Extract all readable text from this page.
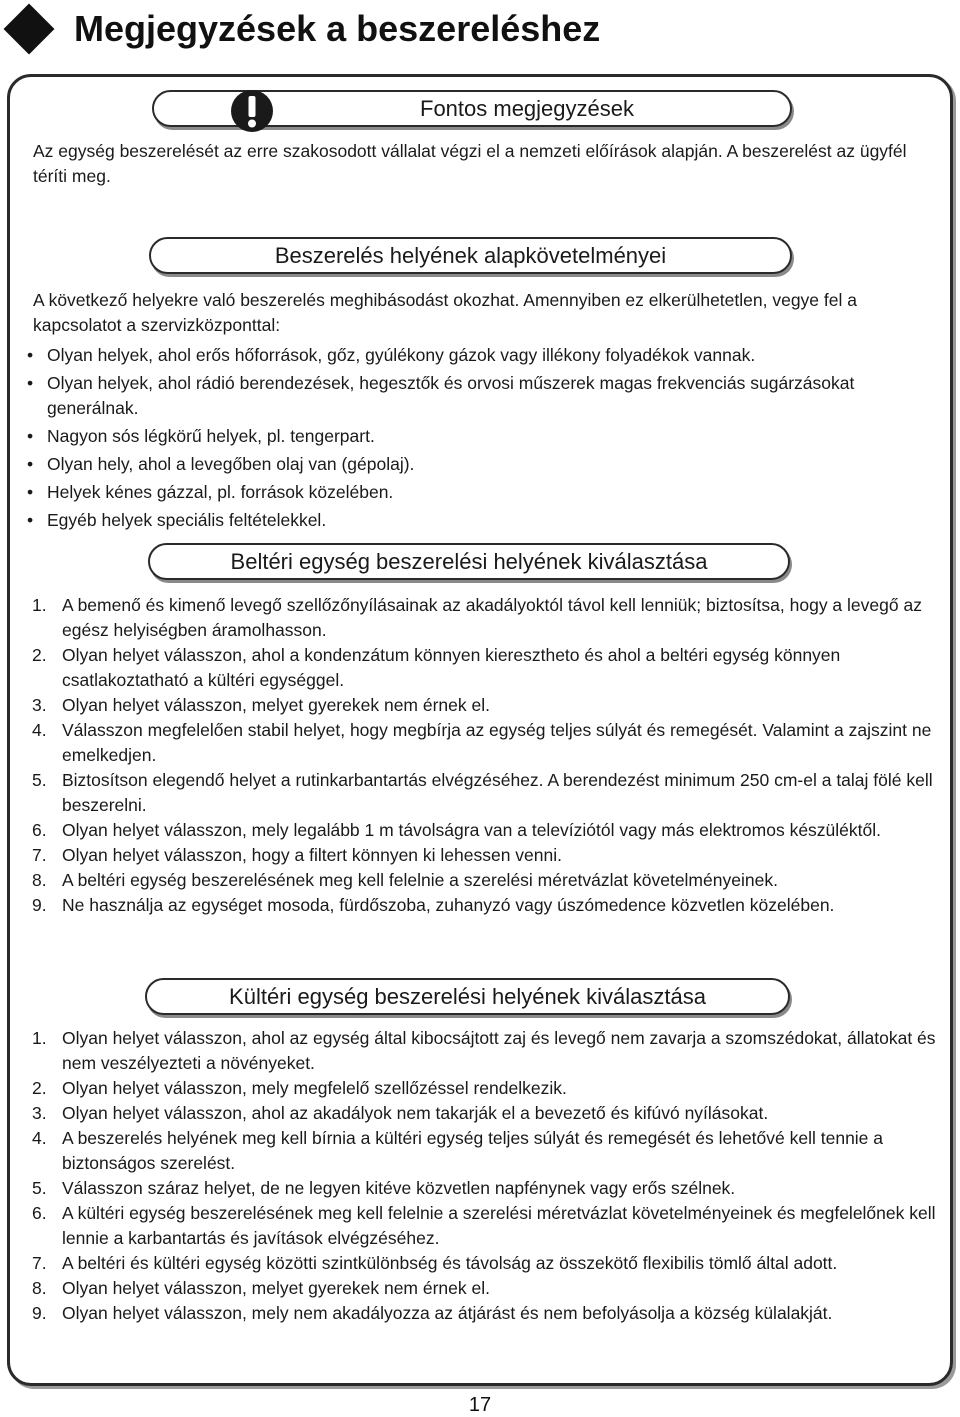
Megjegyzések a beszereléshez
Fontos megjegyzések

Az egység beszerelését az erre szakosodott vállalat végzi el a nemzeti előírások alapján. A beszerelést az ügyfél téríti meg.

Beszerelés helyének alapkövetelményei

A következő helyekre való beszerelés meghibásodást okozhat. Amennyiben ez elkerülhetetlen, vegye fel a kapcsolatot a szervizközponttal:

• Olyan helyek, ahol erős hőforrások, gőz, gyúlékony gázok vagy illékony folyadékok vannak.
• Olyan helyek, ahol rádió berendezések, hegesztők és orvosi műszerek magas frekvenciás sugárzásokat generálnak.
• Nagyon sós légkörű helyek, pl. tengerpart.
• Olyan hely, ahol a levegőben olaj van (gépolaj).
• Helyek kénes gázzal, pl. források közelében.
• Egyéb helyek speciális feltételekkel.
Beltéri egység beszerelési helyének kiválasztása
1. A bemenő és kimenő levegő szellőzőnyílásainak az akadályoktól távol kell lenniük; biztosítsa, hogy a levegő az egész helyiségben áramolhasson.
2. Olyan helyet válasszon, ahol a kondenzátum könnyen kieresztheto és ahol a beltéri egység könnyen csatlakoztatható a kültéri egységgel.
3. Olyan helyet válasszon, melyet gyerekek nem érnek el.
4. Válasszon megfelelően stabil helyet, hogy megbírja az egység teljes súlyát és remegését. Valamint a zajszint ne emelkedjen.
5. Biztosítson elegendő helyet a rutinkarbantartás elvégzéséhez. A berendezést minimum 250 cm-el a talaj fölé kell beszerelni.
6. Olyan helyet válasszon, mely legalább 1 m távolságra van a televíziótól vagy más elektromos készüléktől.
7. Olyan helyet válasszon, hogy a filtert könnyen ki lehessen venni.
8. A beltéri egység beszerelésének meg kell felelnie a szerelési méretvázlat követelményeinek.
9. Ne használja az egységet mosoda, fürdőszoba, zuhanyzó vagy úszómedence közvetlen közelében.
Kültéri egység beszerelési helyének kiválasztása
1. Olyan helyet válasszon, ahol az egység által kibocsájtott zaj és levegő nem zavarja a szomszédokat, állatokat és nem veszélyezteti a növényeket.
2. Olyan helyet válasszon, mely megfelelő szellőzéssel rendelkezik.
3. Olyan helyet válasszon, ahol az akadályok nem takarják el a bevezető és kifúvó nyílásokat.
4. A beszerelés helyének meg kell bírnia a kültéri egység teljes súlyát és remegését és lehetővé kell tennie a biztonságos szerelést.
5. Válasszon száraz helyet, de ne legyen kitéve közvetlen napfénynek vagy erős szélnek.
6. A kültéri egység beszerelésének meg kell felelnie a szerelési méretvázlat követelményeinek és megfelelőnek kell lennie a karbantartás és javítások elvégzéséhez.
7. A beltéri és kültéri egység közötti szintkülönbség és távolság az összekötő flexibilis tömlő által adott.
8. Olyan helyet válasszon, melyet gyerekek nem érnek el.
9. Olyan helyet válasszon, mely nem akadályozza az átjárást és nem befolyásolja a község külalakját.
17
